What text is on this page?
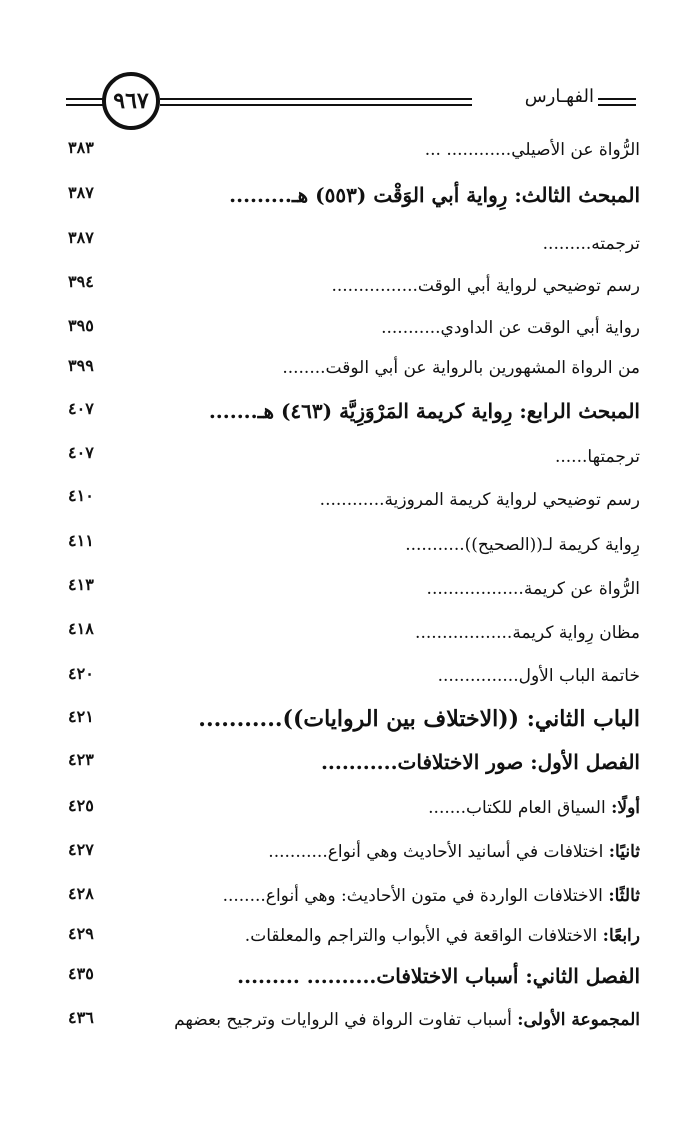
٩٦٧	الفهـارس
الرُّواة عن الأصيلي............ ...
٣٨٣
المبحث الثالث: رِواية أبي الوَقْت (٥٥٣) هـ.........
٣٨٧
ترجمته.........
٣٨٧
رسم توضيحي لرواية أبي الوقت................
٣٩٤
رواية أبي الوقت عن الداودي...........
٣٩٥
من الرواة المشهورين بالرواية عن أبي الوقت........
٣٩٩
المبحث الرابع: رِواية كريمة المَرْوَزِيَّة (٤٦٣) هـ.......
٤٠٧
ترجمتها......
٤٠٧
رسم توضيحي لرواية كريمة المروزية............
٤١٠
رِواية كريمة لـ((الصحيح))...........
٤١١
الرُّواة عن كريمة..................
٤١٣
مظان رِواية كريمة..................
٤١٨
خاتمة الباب الأول...............
٤٢٠
الباب الثاني: ((الاختلاف بين الروايات))...........
٤٢١
الفصل الأول: صور الاختلافات...........
٤٢٣
أولًا: السياق العام للكتاب.......
٤٢٥
ثانيًا: اختلافات في أسانيد الأحاديث وهي أنواع...........
٤٢٧
ثالثًا: الاختلافات الواردة في متون الأحاديث: وهي أنواع........
٤٢٨
رابعًا: الاختلافات الواقعة في الأبواب والتراجم والمعلقات.
٤٢٩
الفصل الثاني: أسباب الاختلافات.......... .........
٤٣٥
المجموعة الأولى: أسباب تفاوت الرواة في الروايات وترجيح بعضهم
٤٣٦
